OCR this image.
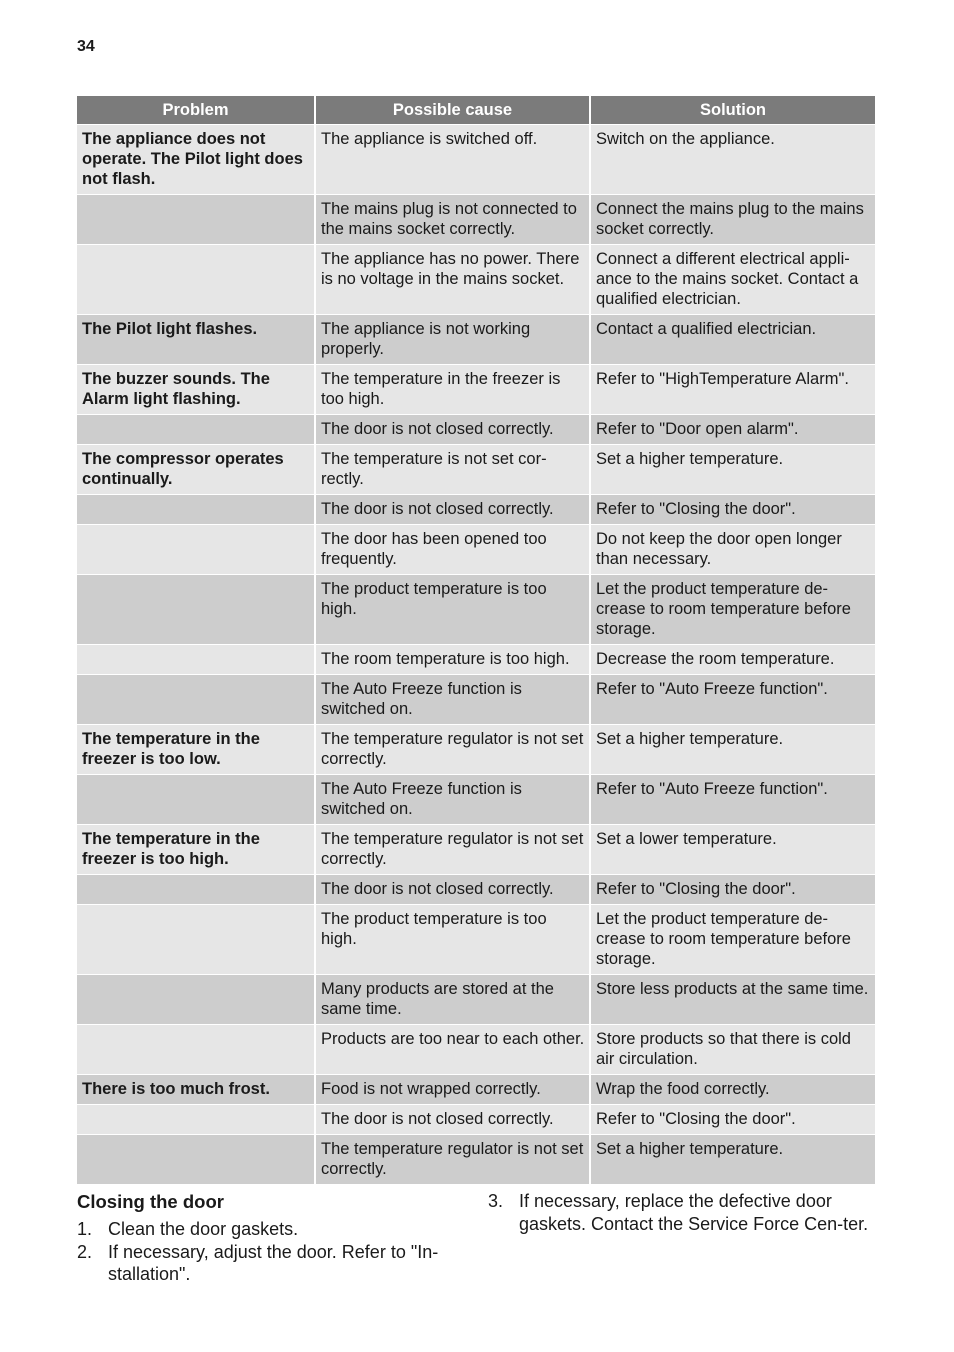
34
Problem	Possible cause	Solution
The appliance does not operate. The Pilot light does not flash.	The appliance is switched off.	Switch on the appliance.
	The mains plug is not connected to the mains socket correctly.	Connect the mains plug to the mains socket correctly.
	The appliance has no power. There is no voltage in the mains socket.	Connect a different electrical appli-ance to the mains socket. Contact a qualified electrician.
The Pilot light flashes.	The appliance is not working properly.	Contact a qualified electrician.
The buzzer sounds. The Alarm light flashing.	The temperature in the freezer is too high.	Refer to "HighTemperature Alarm".
	The door is not closed correctly.	Refer to "Door open alarm".
The compressor operates continually.	The temperature is not set cor-rectly.	Set a higher temperature.
	The door is not closed correctly.	Refer to "Closing the door".
	The door has been opened too frequently.	Do not keep the door open longer than necessary.
	The product temperature is too high.	Let the product temperature de-crease to room temperature before storage.
	The room temperature is too high.	Decrease the room temperature.
	The Auto Freeze function is switched on.	Refer to "Auto Freeze function".
The temperature in the freezer is too low.	The temperature regulator is not set correctly.	Set a higher temperature.
	The Auto Freeze function is switched on.	Refer to "Auto Freeze function".
The temperature in the freezer is too high.	The temperature regulator is not set correctly.	Set a lower temperature.
	The door is not closed correctly.	Refer to "Closing the door".
	The product temperature is too high.	Let the product temperature de-crease to room temperature before storage.
	Many products are stored at the same time.	Store less products at the same time.
	Products are too near to each other.	Store products so that there is cold air circulation.
There is too much frost.	Food is not wrapped correctly.	Wrap the food correctly.
	The door is not closed correctly.	Refer to "Closing the door".
	The temperature regulator is not set correctly.	Set a higher temperature.
Closing the door
1. Clean the door gaskets.
2. If necessary, adjust the door. Refer to "In-stallation".
3. If necessary, replace the defective door gaskets. Contact the Service Force Cen-ter.
